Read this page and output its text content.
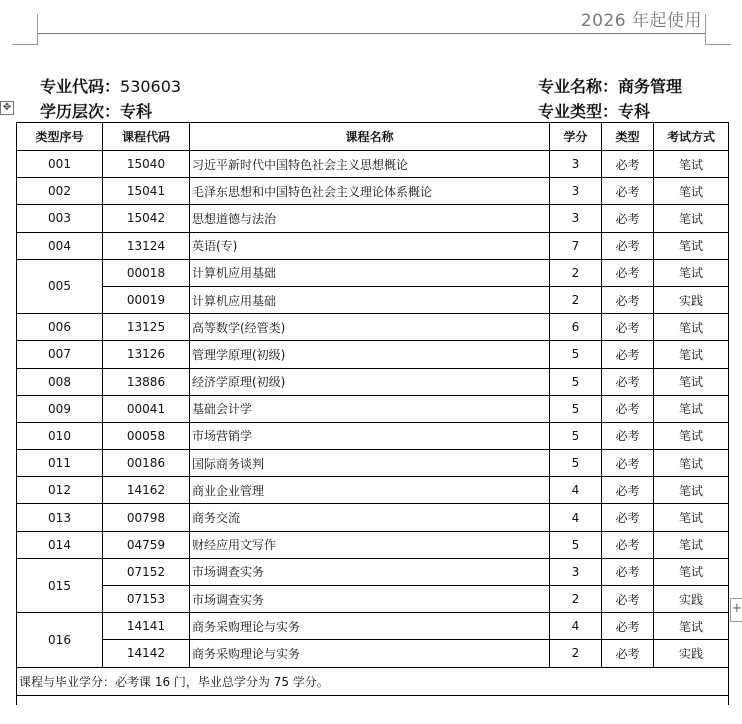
2026 年起使用
专业代码：530603	专业名称：商务管理
学历层次：专科	专业类型：专科
✥
+
类型序号	课程代码	课程名称	学分	类型	考试方式
001	15040	习近平新时代中国特色社会主义思想概论	3	必考	笔试
002	15041	毛泽东思想和中国特色社会主义理论体系概论	3	必考	笔试
003	15042	思想道德与法治	3	必考	笔试
004	13124	英语(专)	7	必考	笔试
005	00018	计算机应用基础	2	必考	笔试
	00019	计算机应用基础	2	必考	实践
006	13125	高等数学(经管类)	6	必考	笔试
007	13126	管理学原理(初级)	5	必考	笔试
008	13886	经济学原理(初级)	5	必考	笔试
009	00041	基础会计学	5	必考	笔试
010	00058	市场营销学	5	必考	笔试
011	00186	国际商务谈判	5	必考	笔试
012	14162	商业企业管理	4	必考	笔试
013	00798	商务交流	4	必考	笔试
014	04759	财经应用文写作	5	必考	笔试
015	07152	市场调查实务	3	必考	笔试
	07153	市场调查实务	2	必考	实践
016	14141	商务采购理论与实务	4	必考	笔试
	14142	商务采购理论与实务	2	必考	实践
课程与毕业学分：必考课 16 门，毕业总学分为 75 学分。					
